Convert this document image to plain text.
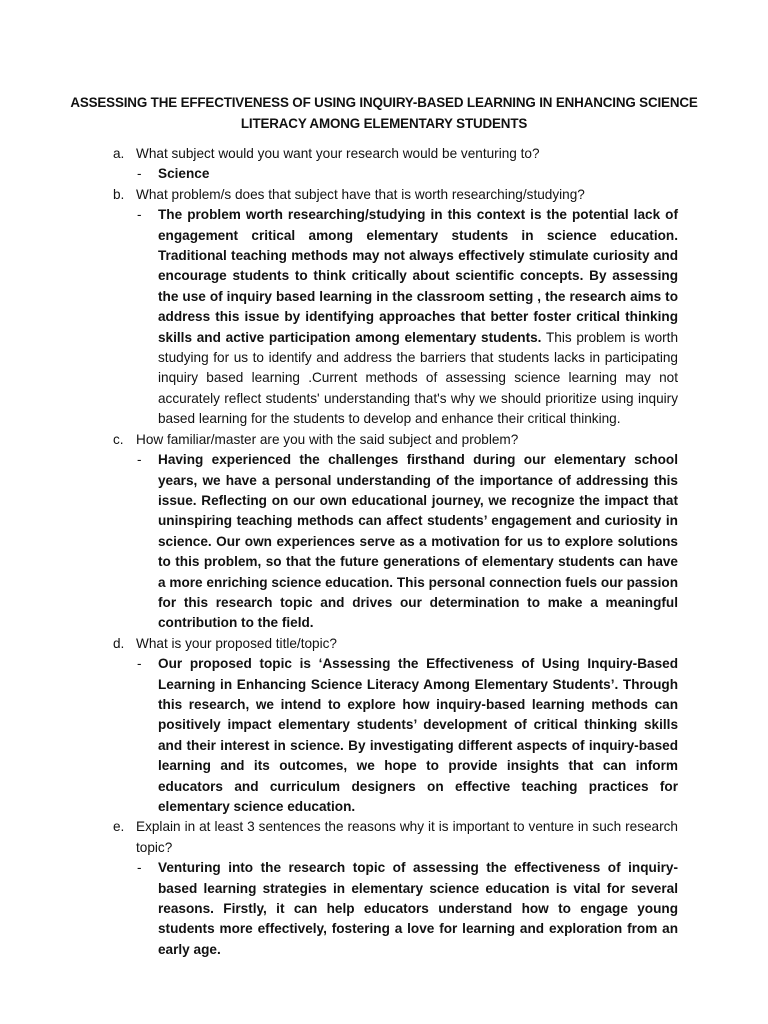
ASSESSING THE EFFECTIVENESS OF USING INQUIRY-BASED LEARNING IN ENHANCING SCIENCE
LITERACY AMONG ELEMENTARY STUDENTS
a. What subject would you want your research would be venturing to?
- Science
b. What problem/s does that subject have that is worth researching/studying?
- The problem worth researching/studying in this context is the potential lack of engagement critical among elementary students in science education. Traditional teaching methods may not always effectively stimulate curiosity and encourage students to think critically about scientific concepts. By assessing the use of inquiry based learning in the classroom setting , the research aims to address this issue by identifying approaches that better foster critical thinking skills and active participation among elementary students. This problem is worth studying for us to identify and address the barriers that students lacks in participating inquiry based learning .Current methods of assessing science learning may not accurately reflect students' understanding that's why we should prioritize using inquiry based learning for the students to develop and enhance their critical thinking.
c. How familiar/master are you with the said subject and problem?
- Having experienced the challenges firsthand during our elementary school years, we have a personal understanding of the importance of addressing this issue. Reflecting on our own educational journey, we recognize the impact that uninspiring teaching methods can affect students’ engagement and curiosity in science. Our own experiences serve as a motivation for us to explore solutions to this problem, so that the future generations of elementary students can have a more enriching science education. This personal connection fuels our passion for this research topic and drives our determination to make a meaningful contribution to the field.
d. What is your proposed title/topic?
- Our proposed topic is ‘Assessing the Effectiveness of Using Inquiry-Based Learning in Enhancing Science Literacy Among Elementary Students’. Through this research, we intend to explore how inquiry-based learning methods can positively impact elementary students’ development of critical thinking skills and their interest in science. By investigating different aspects of inquiry-based learning and its outcomes, we hope to provide insights that can inform educators and curriculum designers on effective teaching practices for elementary science education.
e. Explain in at least 3 sentences the reasons why it is important to venture in such research topic?
- Venturing into the research topic of assessing the effectiveness of inquiry-based learning strategies in elementary science education is vital for several reasons. Firstly, it can help educators understand how to engage young students more effectively, fostering a love for learning and exploration from an early age.
